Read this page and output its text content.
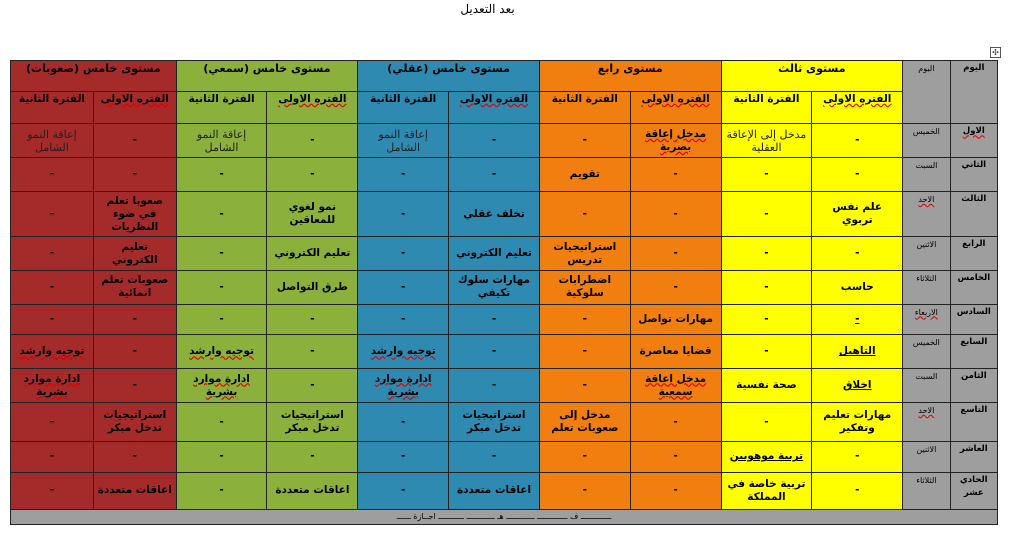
بعد التعديل
✣
اليوم	اليوم	مستوى ثالث		مستوى رابع		مستوى خامس (عقلي)		مستوى خامس (سمعي)		مستوى خامس (صعوبات)	
		الفتره الاولى	الفترة الثانية	الفتره الاولى	الفترة الثانية	الفتره الاولى	الفترة الثانية	الفتره الاولى	الفترة الثانية	الفتره الاولى	الفترة الثانية
الاول	الخميس	-	مدخل إلى الإعاقة العقلية	مدخل إعاقة بصرية	-	-	إعاقة النمو الشامل	-	إعاقة النمو الشامل	-	إعاقة النمو الشامل
الثاني	السبت	-	-	-	تقويم	-	-	-	-	-	-
الثالث	الاحد	علم نفس تربوي	-	-	-	تخلف عقلي	-	نمو لغوي للمعاقين	-	صعوبا تعلم في ضوء النظريات	-
الرابع	الاثنين	-	-	-	استراتيجيات تدريس	تعليم الكتروني	-	تعليم الكتروني	-	تعليم الكتروني	-
الخامس	الثلاثاء	حاسب	-	-	اضطرابات سلوكية	مهارات سلوك تكيفي	-	طرق التواصل	-	صعوبات تعلم انمائية	-
السادس	الاربعاء	-	-	مهارات تواصل	-	-	-	-	-	-	-
السابع	الخميس	التاهيل	-	قضايا معاصرة	-	-	توجيه وارشد	-	توجيه وارشد	-	توجيه وارشد
الثامن	السبت	اخلاق	صحة نفسية	مدخل اعاقة سمعية	-	-	ادارة موارد بشرية	-	ادارة موارد بشرية	-	ادارة موارد بشرية
التاسع	الاحد	مهارات تعليم وتفكير	-	-	مدخل إلى صعوبات تعلم	استراتيجيات تدخل مبكر	-	استراتيجيات تدخل مبكر	-	استراتيجيات تدخل مبكر	-
العاشر	الاثنين	-	تربية موهوبين	-	-	-	-	-	-	-	-
الحادي عشر	الثلاثاء	-	تربية خاصة في المملكة	-	-	اعاقات متعددة	-	اعاقات متعددة	-	اعاقات متعددة	-
ـــــــــــــ ف ـــــــــــــ ــــــــــــ هـ ــــــــــــ ـــــــــــ اجــازة ــــــ											
